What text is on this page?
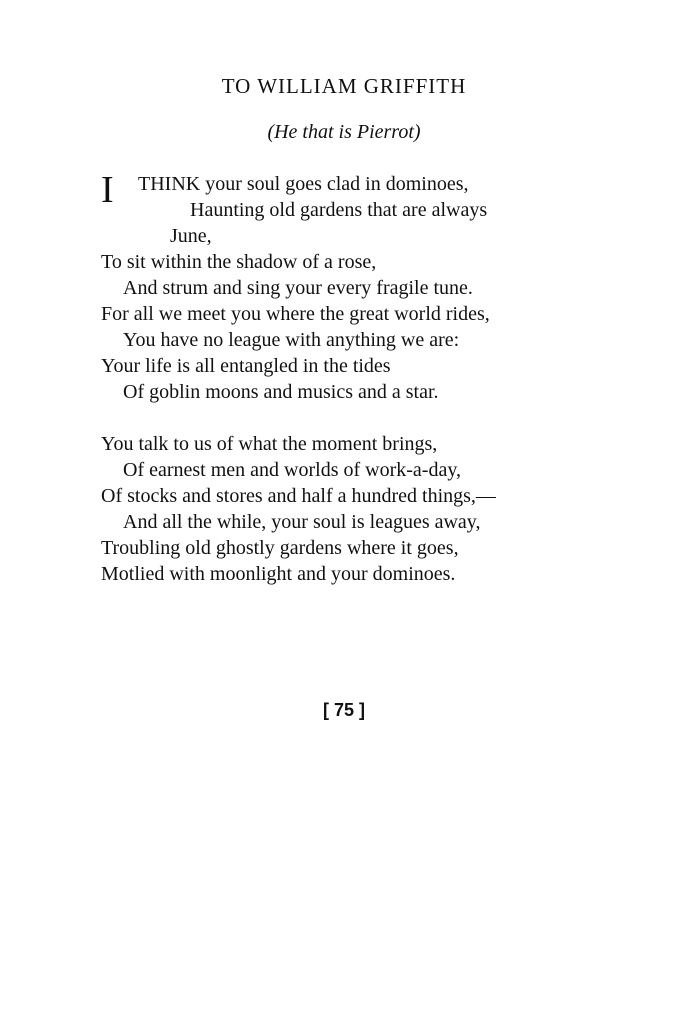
TO WILLIAM GRIFFITH
(He that is Pierrot)
I THINK your soul goes clad in dominoes,
Haunting old gardens that are always
June,
To sit within the shadow of a rose,
And strum and sing your every fragile tune.
For all we meet you where the great world rides,
You have no league with anything we are:
Your life is all entangled in the tides
Of goblin moons and musics and a star.
You talk to us of what the moment brings,
Of earnest men and worlds of work-a-day,
Of stocks and stores and half a hundred things,—
And all the while, your soul is leagues away,
Troubling old ghostly gardens where it goes,
Motlied with moonlight and your dominoes.
[ 75 ]
